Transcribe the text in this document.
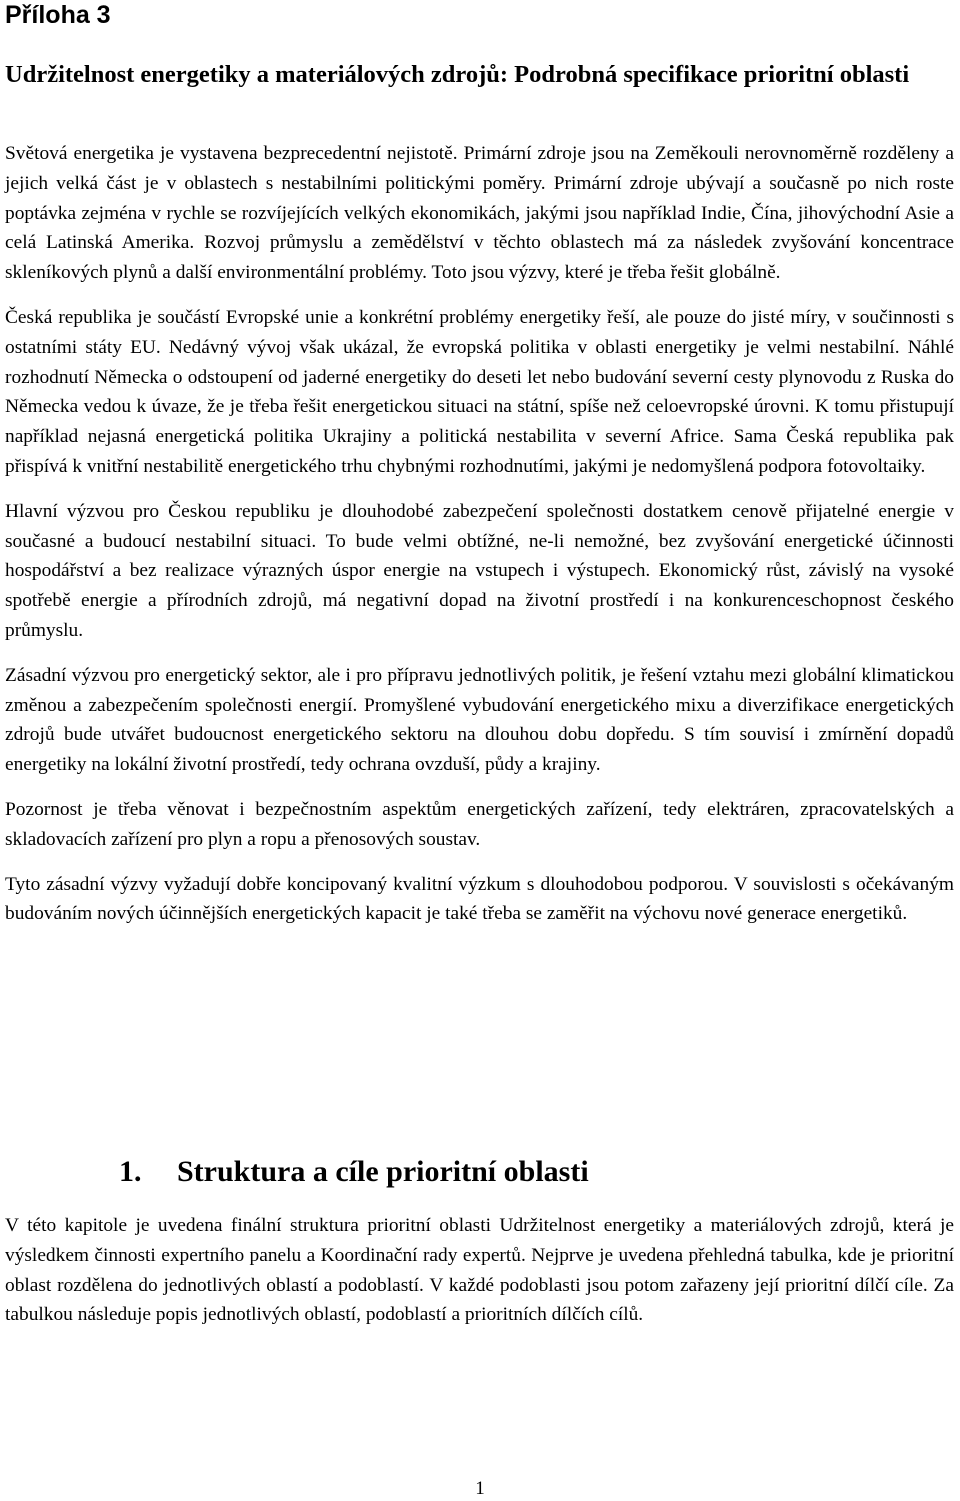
Příloha 3
Udržitelnost energetiky a materiálových zdrojů: Podrobná specifikace prioritní oblasti

Světová energetika je vystavena bezprecedentní nejistotě. Primární zdroje jsou na Zeměkouli nerovnoměrně rozděleny a jejich velká část je v oblastech s nestabilními politickými poměry. Primární zdroje ubývají a současně po nich roste poptávka zejména v rychle se rozvíjejících velkých ekonomikách, jakými jsou například Indie, Čína, jihovýchodní Asie a celá Latinská Amerika. Rozvoj průmyslu a zemědělství v těchto oblastech má za následek zvyšování koncentrace skleníkových plynů a další environmentální problémy. Toto jsou výzvy, které je třeba řešit globálně.

Česká republika je součástí Evropské unie a konkrétní problémy energetiky řeší, ale pouze do jisté míry, v součinnosti s ostatními státy EU. Nedávný vývoj však ukázal, že evropská politika v oblasti energetiky je velmi nestabilní. Náhlé rozhodnutí Německa o odstoupení od jaderné energetiky do deseti let nebo budování severní cesty plynovodu z Ruska do Německa vedou k úvaze, že je třeba řešit energetickou situaci na státní, spíše než celoevropské úrovni. K tomu přistupují například nejasná energetická politika Ukrajiny a politická nestabilita v severní Africe. Sama Česká republika pak přispívá k vnitřní nestabilitě energetického trhu chybnými rozhodnutími, jakými je nedomyšlená podpora fotovoltaiky.

Hlavní výzvou pro Českou republiku je dlouhodobé zabezpečení společnosti dostatkem cenově přijatelné energie v současné a budoucí nestabilní situaci. To bude velmi obtížné, ne-li nemožné, bez zvyšování energetické účinnosti hospodářství a bez realizace výrazných úspor energie na vstupech i výstupech. Ekonomický růst, závislý na vysoké spotřebě energie a přírodních zdrojů, má negativní dopad na životní prostředí i na konkurenceschopnost českého průmyslu.

Zásadní výzvou pro energetický sektor, ale i pro přípravu jednotlivých politik, je řešení vztahu mezi globální klimatickou změnou a zabezpečením společnosti energií. Promyšlené vybudování energetického mixu a diverzifikace energetických zdrojů bude utvářet budoucnost energetického sektoru na dlouhou dobu dopředu. S tím souvisí i zmírnění dopadů energetiky na lokální životní prostředí, tedy ochrana ovzduší, půdy a krajiny.

Pozornost je třeba věnovat i bezpečnostním aspektům energetických zařízení, tedy elektráren, zpracovatelských a skladovacích zařízení pro plyn a ropu a přenosových soustav.

Tyto zásadní výzvy vyžadují dobře koncipovaný kvalitní výzkum s dlouhodobou podporou. V souvislosti s očekávaným budováním nových účinnějších energetických kapacit je také třeba se zaměřit na výchovu nové generace energetiků.

1. Struktura a cíle prioritní oblasti

V této kapitole je uvedena finální struktura prioritní oblasti Udržitelnost energetiky a materiálových zdrojů, která je výsledkem činnosti expertního panelu a Koordinační rady expertů. Nejprve je uvedena přehledná tabulka, kde je prioritní oblast rozdělena do jednotlivých oblastí a podoblastí. V každé podoblasti jsou potom zařazeny její prioritní dílčí cíle. Za tabulkou následuje popis jednotlivých oblastí, podoblastí a prioritních dílčích cílů.

1
